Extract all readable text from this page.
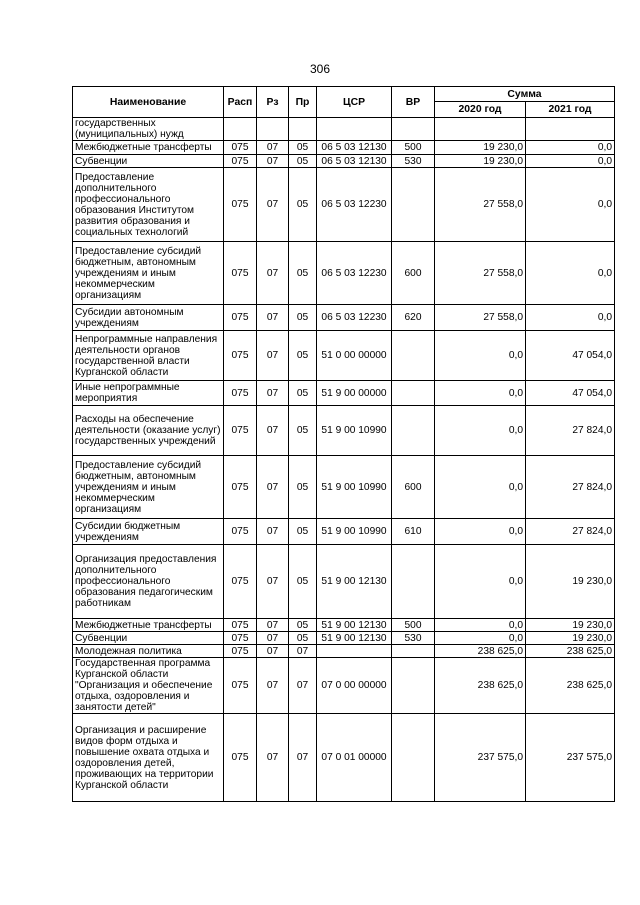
306
Наименование	Расп	Рз	Пр	ЦСР	ВР	Сумма	
						2020 год	2021 год
государственных (муниципальных) нужд							
Межбюджетные трансферты	075	07	05	06 5 03 12130	500	19 230,0	0,0
Субвенции	075	07	05	06 5 03 12130	530	19 230,0	0,0
Предоставление дополнительного профессионального образования Институтом развития образования и социальных технологий	075	07	05	06 5 03 12230		27 558,0	0,0
Предоставление субсидий бюджетным, автономным учреждениям и иным некоммерческим организациям	075	07	05	06 5 03 12230	600	27 558,0	0,0
Субсидии автономным учреждениям	075	07	05	06 5 03 12230	620	27 558,0	0,0
Непрограммные направления деятельности органов государственной власти Курганской области	075	07	05	51 0 00 00000		0,0	47 054,0
Иные непрограммные мероприятия	075	07	05	51 9 00 00000		0,0	47 054,0
Расходы на обеспечение деятельности (оказание услуг) государственных учреждений	075	07	05	51 9 00 10990		0,0	27 824,0
Предоставление субсидий бюджетным, автономным учреждениям и иным некоммерческим организациям	075	07	05	51 9 00 10990	600	0,0	27 824,0
Субсидии бюджетным учреждениям	075	07	05	51 9 00 10990	610	0,0	27 824,0
Организация предоставления дополнительного профессионального образования педагогическим работникам	075	07	05	51 9 00 12130		0,0	19 230,0
Межбюджетные трансферты	075	07	05	51 9 00 12130	500	0,0	19 230,0
Субвенции	075	07	05	51 9 00 12130	530	0,0	19 230,0
Молодежная политика	075	07	07			238 625,0	238 625,0
Государственная программа Курганской области "Организация и обеспечение отдыха, оздоровления и занятости детей"	075	07	07	07 0 00 00000		238 625,0	238 625,0
Организация и расширение видов форм отдыха и повышение охвата отдыха и оздоровления детей, проживающих на территории Курганской области	075	07	07	07 0 01 00000		237 575,0	237 575,0
